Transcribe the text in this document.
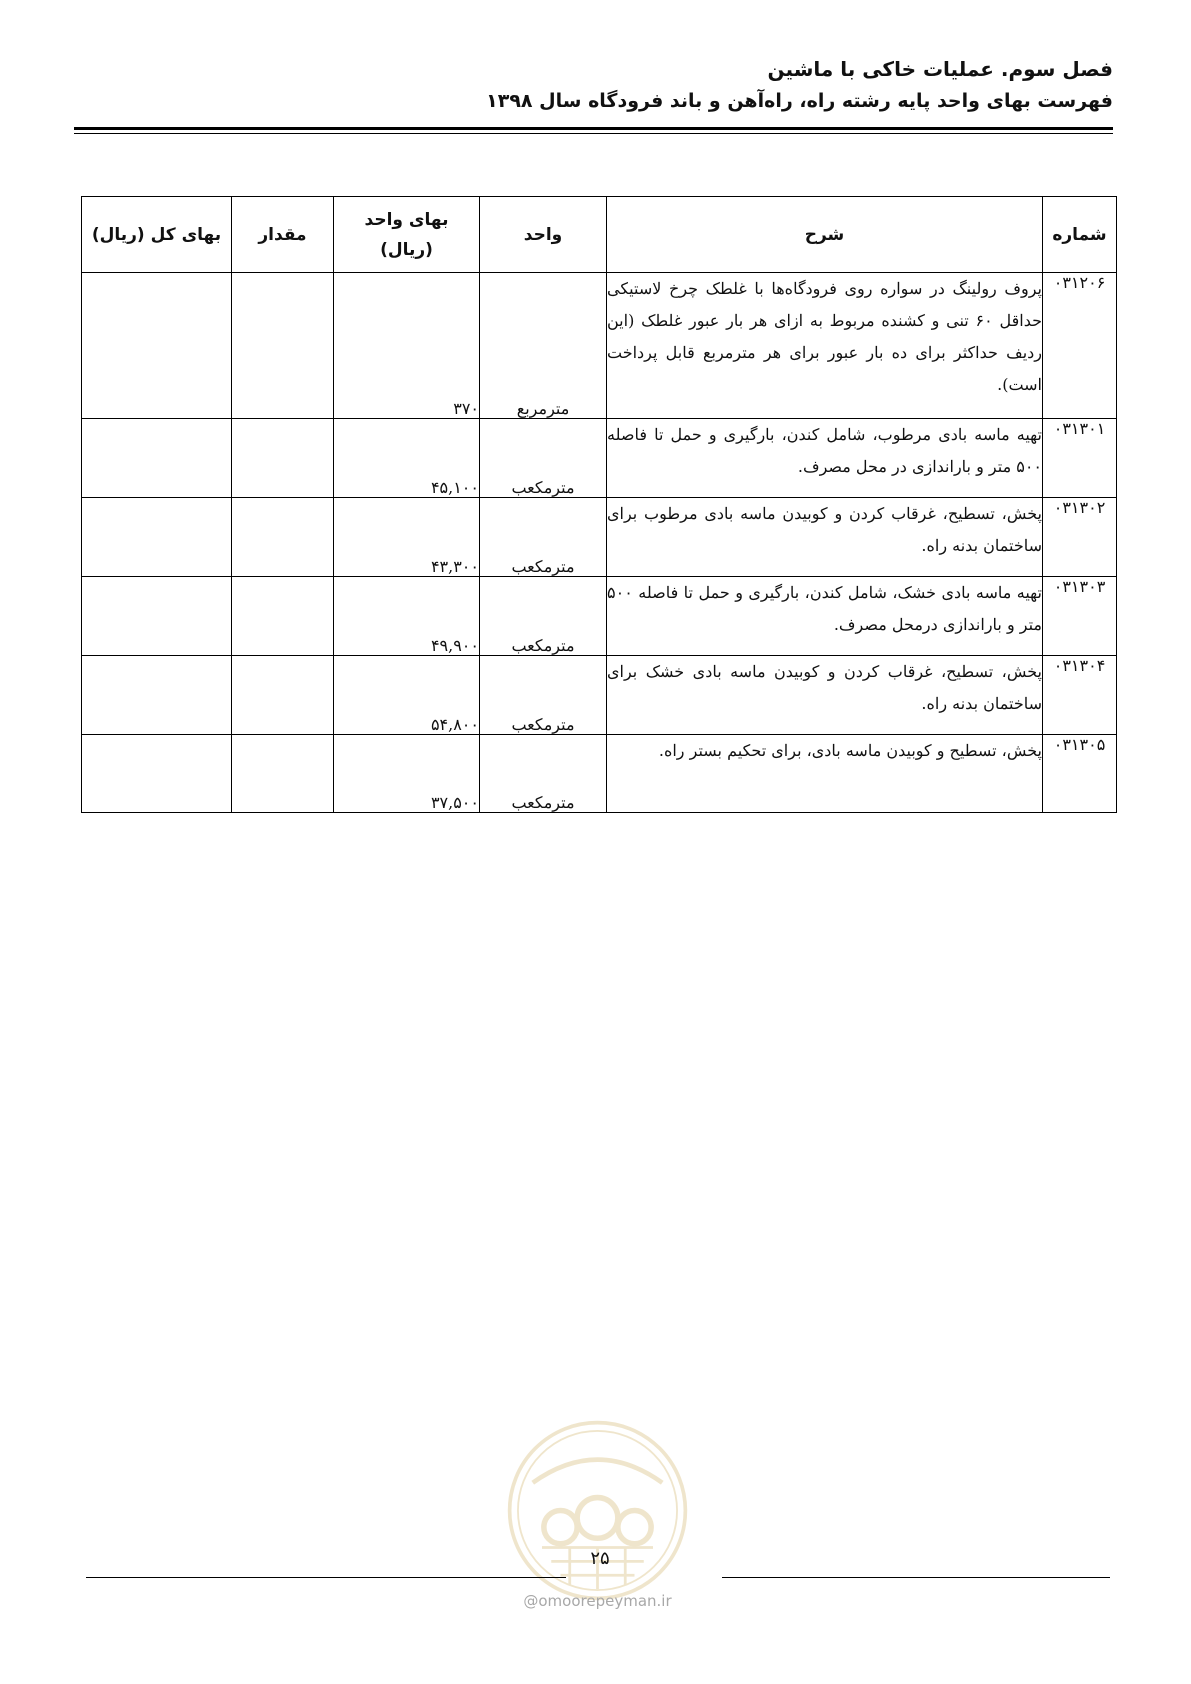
فصل سوم. عملیات خاکی با ماشین
فهرست بهای واحد پایه رشته راه، راه‌آهن و باند فرودگاه سال ۱۳۹۸
شماره	شرح	واحد	بهای واحد (ریال)	مقدار	بهای کل (ریال)
۰۳۱۲۰۶	پروف رولینگ در سواره روی فرودگاه‌ها با غلطک چرخ لاستیکی حداقل ۶۰ تنی و کشنده مربوط به ازای هر بار عبور غلطک (این ردیف حداکثر برای ده بار عبور برای هر مترمربع قابل پرداخت است).	مترمربع	۳۷۰		
۰۳۱۳۰۱	تهیه ماسه بادی مرطوب، شامل کندن، بارگیری و حمل تا فاصله ۵۰۰ متر و باراندازی در محل مصرف.	مترمکعب	۴۵,۱۰۰		
۰۳۱۳۰۲	پخش، تسطیح، غرقاب کردن و کوبیدن ماسه بادی مرطوب برای ساختمان بدنه راه.	مترمکعب	۴۳,۳۰۰		
۰۳۱۳۰۳	تهیه ماسه بادی خشک، شامل کندن، بارگیری و حمل تا فاصله ۵۰۰ متر و باراندازی درمحل مصرف.	مترمکعب	۴۹,۹۰۰		
۰۳۱۳۰۴	پخش، تسطیح، غرقاب کردن و کوبیدن ماسه بادی خشک برای ساختمان بدنه راه.	مترمکعب	۵۴,۸۰۰		
۰۳۱۳۰۵	پخش، تسطیح و کوبیدن ماسه بادی، برای تحکیم بستر راه.	مترمکعب	۳۷,۵۰۰		
۲۵
@omoorepeyman.ir
